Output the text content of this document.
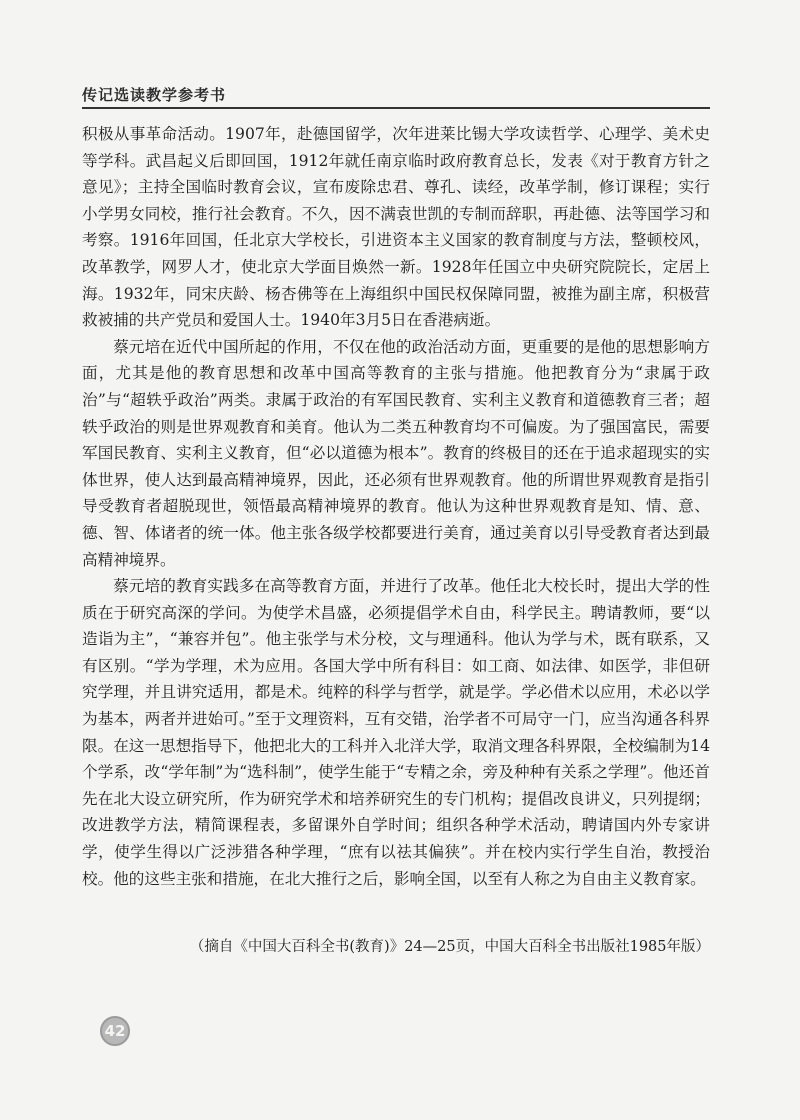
传记选读教学参考书

积极从事革命活动。1907年，赴德国留学，次年进莱比锡大学攻读哲学、心理学、美术史等学科。武昌起义后即回国，1912年就任南京临时政府教育总长，发表《对于教育方针之意见》；主持全国临时教育会议，宣布废除忠君、尊孔、读经，改革学制，修订课程；实行小学男女同校，推行社会教育。不久，因不满袁世凯的专制而辞职，再赴德、法等国学习和考察。1916年回国，任北京大学校长，引进资本主义国家的教育制度与方法，整顿校风，改革教学，网罗人才，使北京大学面目焕然一新。1928年任国立中央研究院院长，定居上海。1932年，同宋庆龄、杨杏佛等在上海组织中国民权保障同盟，被推为副主席，积极营救被捕的共产党员和爱国人士。1940年3月5日在香港病逝。

蔡元培在近代中国所起的作用，不仅在他的政治活动方面，更重要的是他的思想影响方面，尤其是他的教育思想和改革中国高等教育的主张与措施。他把教育分为“隶属于政治”与“超轶乎政治”两类。隶属于政治的有军国民教育、实利主义教育和道德教育三者；超轶乎政治的则是世界观教育和美育。他认为二类五种教育均不可偏废。为了强国富民，需要军国民教育、实利主义教育，但“必以道德为根本”。教育的终极目的还在于追求超现实的实体世界，使人达到最高精神境界，因此，还必须有世界观教育。他的所谓世界观教育是指引导受教育者超脱现世，领悟最高精神境界的教育。他认为这种世界观教育是知、情、意、德、智、体诸者的统一体。他主张各级学校都要进行美育，通过美育以引导受教育者达到最高精神境界。

蔡元培的教育实践多在高等教育方面，并进行了改革。他任北大校长时，提出大学的性质在于研究高深的学问。为使学术昌盛，必须提倡学术自由，科学民主。聘请教师，要“以造诣为主”，“兼容并包”。他主张学与术分校，文与理通科。他认为学与术，既有联系，又有区别。“学为学理，术为应用。各国大学中所有科目：如工商、如法律、如医学，非但研究学理，并且讲究适用，都是术。纯粹的科学与哲学，就是学。学必借术以应用，术必以学为基本，两者并进始可。”至于文理资料，互有交错，治学者不可局守一门，应当沟通各科界限。在这一思想指导下，他把北大的工科并入北洋大学，取消文理各科界限，全校编制为14个学系，改“学年制”为“选科制”，使学生能于“专精之余，旁及种种有关系之学理”。他还首先在北大设立研究所，作为研究学术和培养研究生的专门机构；提倡改良讲义，只列提纲；改进教学方法，精简课程表，多留课外自学时间；组织各种学术活动，聘请国内外专家讲学，使学生得以广泛涉猎各种学理，“庶有以祛其偏狭”。并在校内实行学生自治，教授治校。他的这些主张和措施，在北大推行之后，影响全国，以至有人称之为自由主义教育家。

（摘自《中国大百科全书(教育)》24—25页，中国大百科全书出版社1985年版）
42
